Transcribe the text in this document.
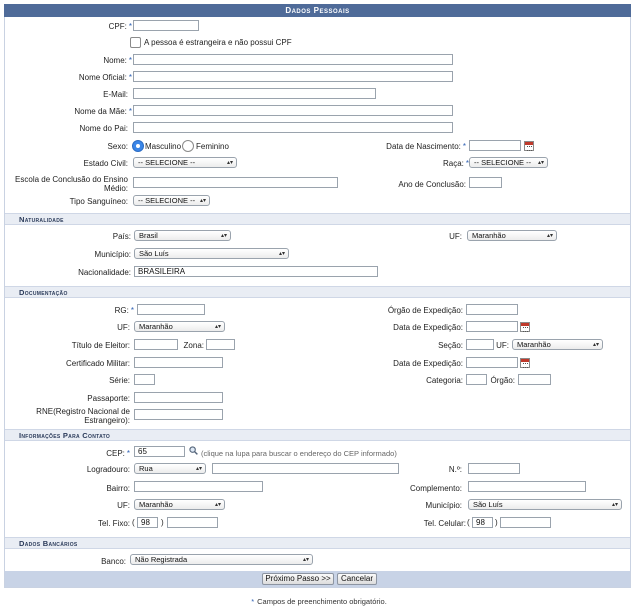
Dados Pessoais
CPF: *
A pessoa é estrangeira e não possui CPF
Nome: *
Nome Oficial: *
E-Mail:
Nome da Mãe: *
Nome do Pai:
Sexo: Masculino Feminino	Data de Nascimento: *
Estado Civil:	-- SELECIONE --	▴▾	Raça: * -- SELECIONE -- ▴▾
Escola de Conclusão do Ensino Médio:	Ano de Conclusão:
Tipo Sanguíneo:	-- SELECIONE -- ▴▾
Naturalidade
País:	Brasil	▴▾	UF:	Maranhão	▴▾
Município:	São Luís	▴▾
Nacionalidade: BRASILEIRA
Documentação
RG: *	Órgão de Expedição:
UF:	Maranhão	▴▾	Data de Expedição:
Título de Eleitor:	Zona:	Seção:	UF:	Maranhão	▴▾
Certificado Militar:	Data de Expedição:
Série:	Categoria:	Órgão:
Passaporte:
RNE(Registro Nacional de Estrangeiro):
Informações Para Contato
CEP: *	65	(clique na lupa para buscar o endereço do CEP informado)
Logradouro:	Rua	▴▾	N.º:
Bairro:	Complemento:
UF:	Maranhão	▴▾	Município:	São Luís	▴▾
Tel. Fixo: ( 98	)	Tel. Celular: ( 98	)
Dados Bancários
Banco:	Não Registrada	▴▾
Próximo Passo >>	Cancelar
* Campos de preenchimento obrigatório.
